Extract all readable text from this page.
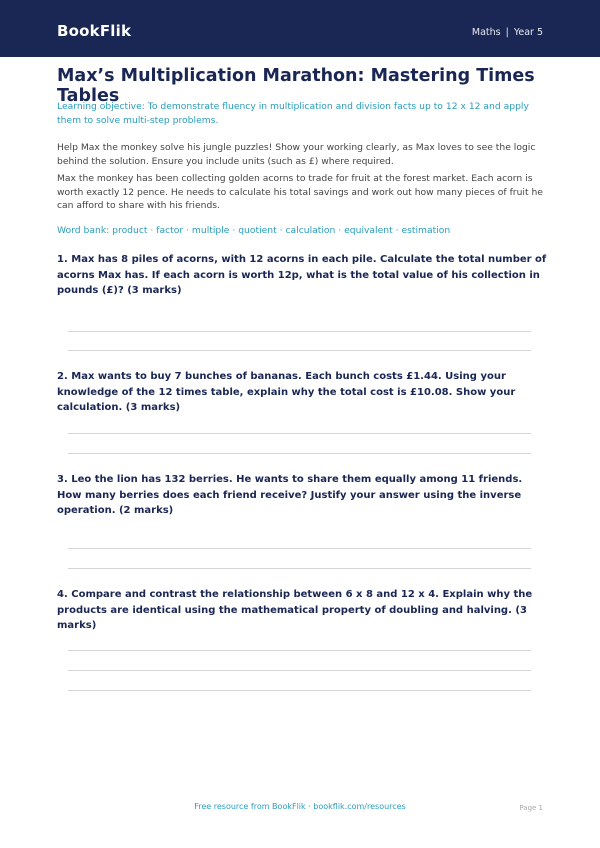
BookFlik	Maths | Year 5
Max’s Multiplication Marathon: Mastering Times Tables
Learning objective: To demonstrate fluency in multiplication and division facts up to 12 x 12 and apply them to solve multi-step problems.
Help Max the monkey solve his jungle puzzles! Show your working clearly, as Max loves to see the logic behind the solution. Ensure you include units (such as £) where required.
Max the monkey has been collecting golden acorns to trade for fruit at the forest market. Each acorn is worth exactly 12 pence. He needs to calculate his total savings and work out how many pieces of fruit he can afford to share with his friends.
Word bank: product · factor · multiple · quotient · calculation · equivalent · estimation
1. Max has 8 piles of acorns, with 12 acorns in each pile. Calculate the total number of acorns Max has. If each acorn is worth 12p, what is the total value of his collection in pounds (£)? (3 marks)
2. Max wants to buy 7 bunches of bananas. Each bunch costs £1.44. Using your knowledge of the 12 times table, explain why the total cost is £10.08. Show your calculation. (3 marks)
3. Leo the lion has 132 berries. He wants to share them equally among 11 friends. How many berries does each friend receive? Justify your answer using the inverse operation. (2 marks)
4. Compare and contrast the relationship between 6 x 8 and 12 x 4. Explain why the products are identical using the mathematical property of doubling and halving. (3 marks)
Free resource from BookFlik · bookflik.com/resources	Page 1
